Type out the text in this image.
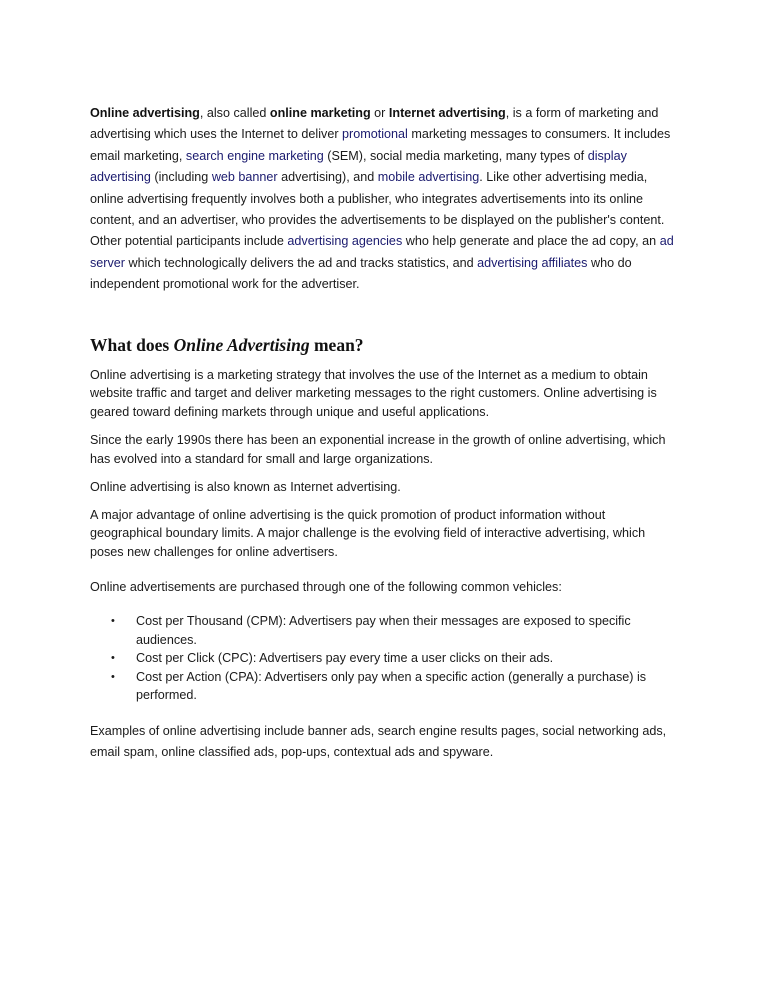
Online advertising, also called online marketing or Internet advertising, is a form of marketing and advertising which uses the Internet to deliver promotional marketing messages to consumers. It includes email marketing, search engine marketing (SEM), social media marketing, many types of display advertising (including web banner advertising), and mobile advertising. Like other advertising media, online advertising frequently involves both a publisher, who integrates advertisements into its online content, and an advertiser, who provides the advertisements to be displayed on the publisher's content. Other potential participants include advertising agencies who help generate and place the ad copy, an ad server which technologically delivers the ad and tracks statistics, and advertising affiliates who do independent promotional work for the advertiser.

What does Online Advertising mean?

Online advertising is a marketing strategy that involves the use of the Internet as a medium to obtain website traffic and target and deliver marketing messages to the right customers. Online advertising is geared toward defining markets through unique and useful applications.

Since the early 1990s there has been an exponential increase in the growth of online advertising, which has evolved into a standard for small and large organizations.

Online advertising is also known as Internet advertising.

A major advantage of online advertising is the quick promotion of product information without geographical boundary limits. A major challenge is the evolving field of interactive advertising, which poses new challenges for online advertisers.

Online advertisements are purchased through one of the following common vehicles:

• Cost per Thousand (CPM): Advertisers pay when their messages are exposed to specific audiences.
• Cost per Click (CPC): Advertisers pay every time a user clicks on their ads.
• Cost per Action (CPA): Advertisers only pay when a specific action (generally a purchase) is performed.

Examples of online advertising include banner ads, search engine results pages, social networking ads, email spam, online classified ads, pop-ups, contextual ads and spyware.
